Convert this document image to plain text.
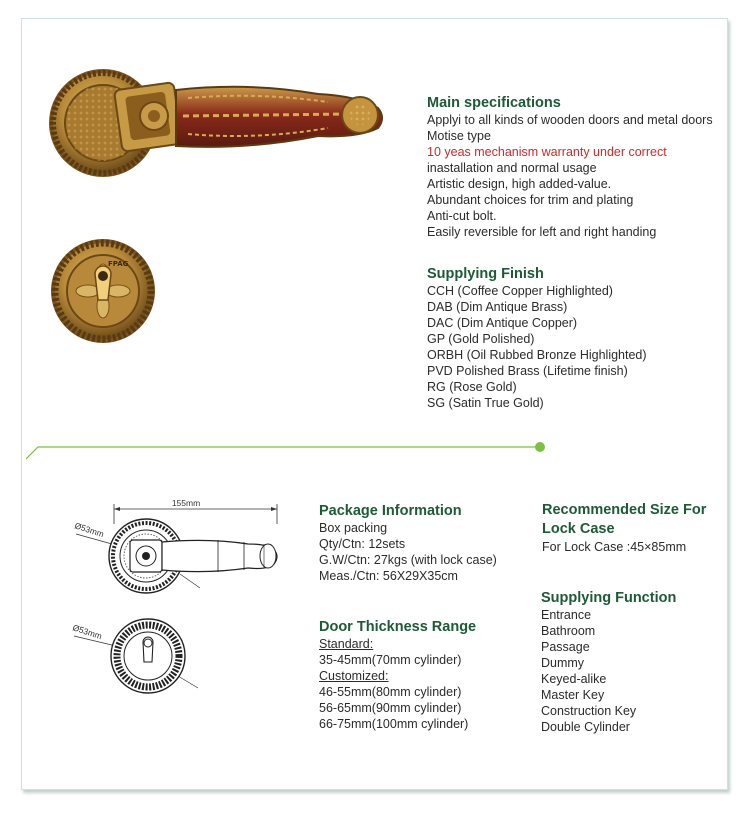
FPAG
Main specifications
Applyi to all kinds of wooden doors and metal doors
Motise type
10 yeas mechanism warranty under correct
inastallation and normal usage
Artistic design, high added-value.
Abundant choices for trim and plating
Anti-cut bolt.
Easily reversible for left and right handing
Supplying Finish
CCH (Coffee Copper Highlighted)
DAB (Dim Antique Brass)
DAC (Dim Antique Copper)
GP (Gold Polished)
ORBH (Oil Rubbed Bronze Highlighted)
PVD Polished Brass (Lifetime finish)
RG (Rose Gold)
SG (Satin True Gold)
155mm
Ø53mm
Ø53mm
Package Information
Box packing
Qty/Ctn: 12sets
G.W/Ctn: 27kgs (with lock case)
Meas./Ctn: 56X29X35cm
Door Thickness Range
Standard:
35-45mm(70mm cylinder)
Customized:
46-55mm(80mm cylinder)
56-65mm(90mm cylinder)
66-75mm(100mm cylinder)
Recommended Size For
Lock Case
For Lock Case :45×85mm
Supplying Function
Entrance
Bathroom
Passage
Dummy
Keyed-alike
Master Key
Construction Key
Double Cylinder
